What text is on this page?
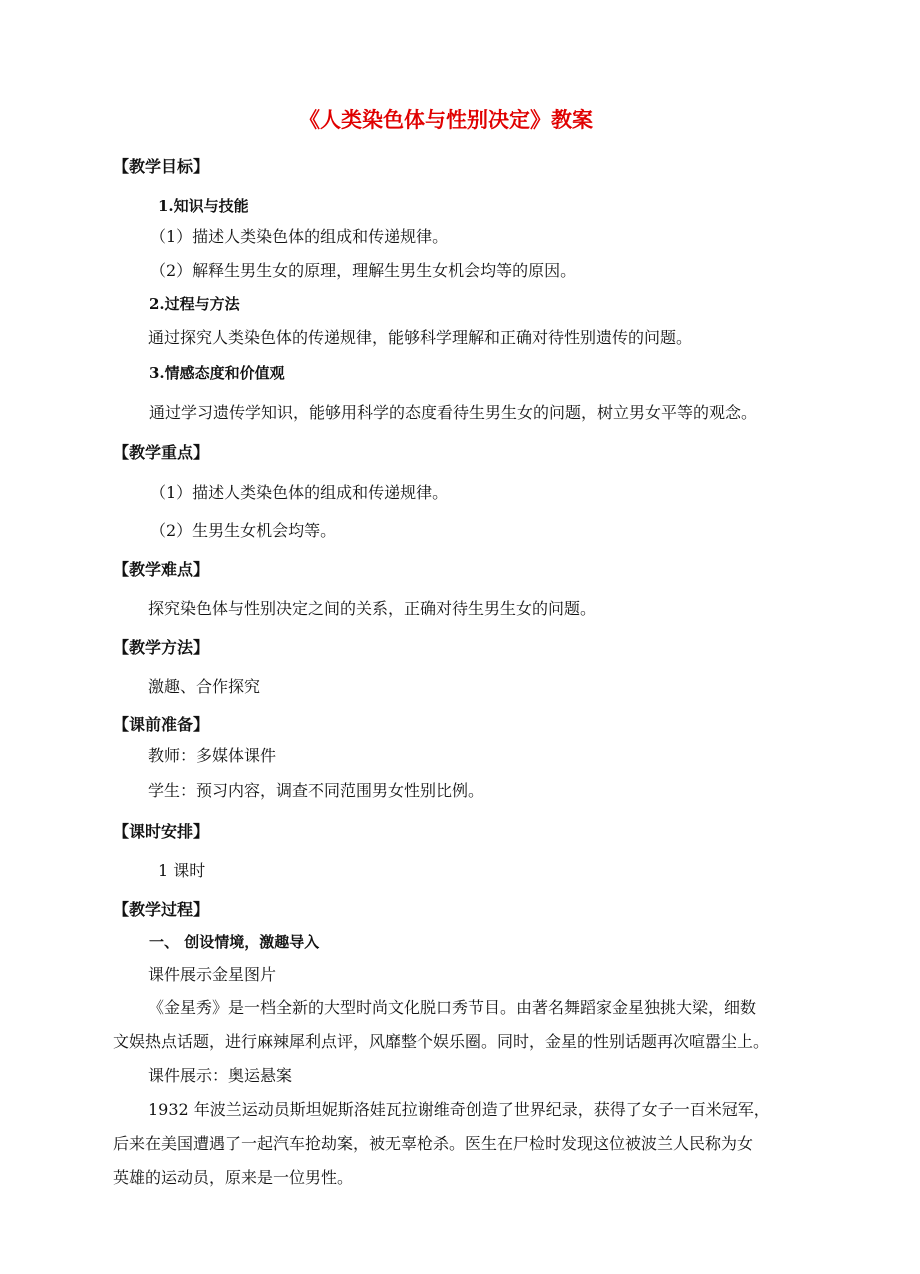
《人类染色体与性别决定》教案
【教学目标】
1.知识与技能
（1）描述人类染色体的组成和传递规律。
（2）解释生男生女的原理，理解生男生女机会均等的原因。
2.过程与方法
通过探究人类染色体的传递规律，能够科学理解和正确对待性别遗传的问题。
3.情感态度和价值观
通过学习遗传学知识，能够用科学的态度看待生男生女的问题，树立男女平等的观念。
【教学重点】
（1）描述人类染色体的组成和传递规律。
（2）生男生女机会均等。
【教学难点】
探究染色体与性别决定之间的关系，正确对待生男生女的问题。
【教学方法】
激趣、合作探究
【课前准备】
教师：多媒体课件
学生：预习内容，调查不同范围男女性别比例。
【课时安排】
1 课时
【教学过程】
一、 创设情境，激趣导入
课件展示金星图片
《金星秀》是一档全新的大型时尚文化脱口秀节目。由著名舞蹈家金星独挑大梁，细数
文娱热点话题，进行麻辣犀利点评，风靡整个娱乐圈。同时，金星的性别话题再次喧嚣尘上。
课件展示：奥运悬案
1932 年波兰运动员斯坦妮斯洛娃瓦拉谢维奇创造了世界纪录，获得了女子一百米冠军，
后来在美国遭遇了一起汽车抢劫案，被无辜枪杀。医生在尸检时发现这位被波兰人民称为女
英雄的运动员，原来是一位男性。
